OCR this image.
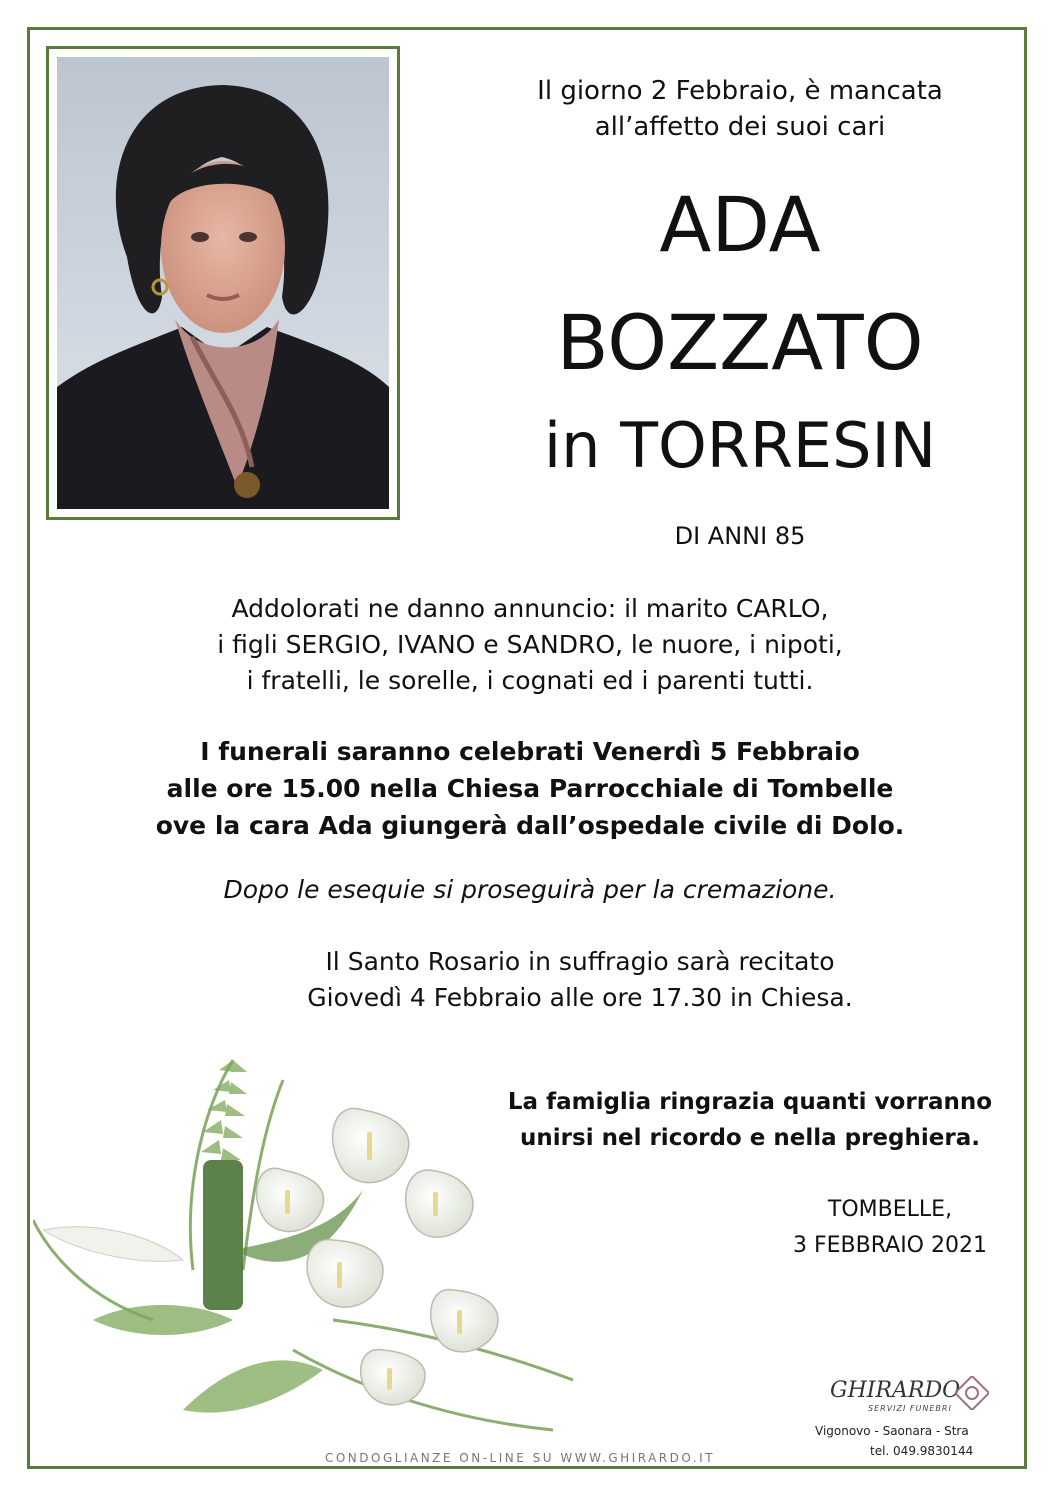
Il giorno 2 Febbraio, è mancata
all’affetto dei suoi cari
ADA
BOZZATO
in TORRESIN
DI ANNI 85
Addolorati ne danno annuncio: il marito CARLO,
i figli SERGIO, IVANO e SANDRO, le nuore, i nipoti,
i fratelli, le sorelle, i cognati ed i parenti tutti.
I funerali saranno celebrati Venerdì 5 Febbraio
alle ore 15.00 nella Chiesa Parrocchiale di Tombelle
ove la cara Ada giungerà dall’ospedale civile di Dolo.
Dopo le esequie si proseguirà per la cremazione.
Il Santo Rosario in suffragio sarà recitato
Giovedì 4 Febbraio alle ore 17.30 in Chiesa.
La famiglia ringrazia quanti vorranno
unirsi nel ricordo e nella preghiera.
TOMBELLE,
3 FEBBRAIO 2021
GHIRARDO
SERVIZI FUNEBRI
Vigonovo - Saonara - Stra
tel. 049.9830144
CONDOGLIANZE ON-LINE SU WWW.GHIRARDO.IT
